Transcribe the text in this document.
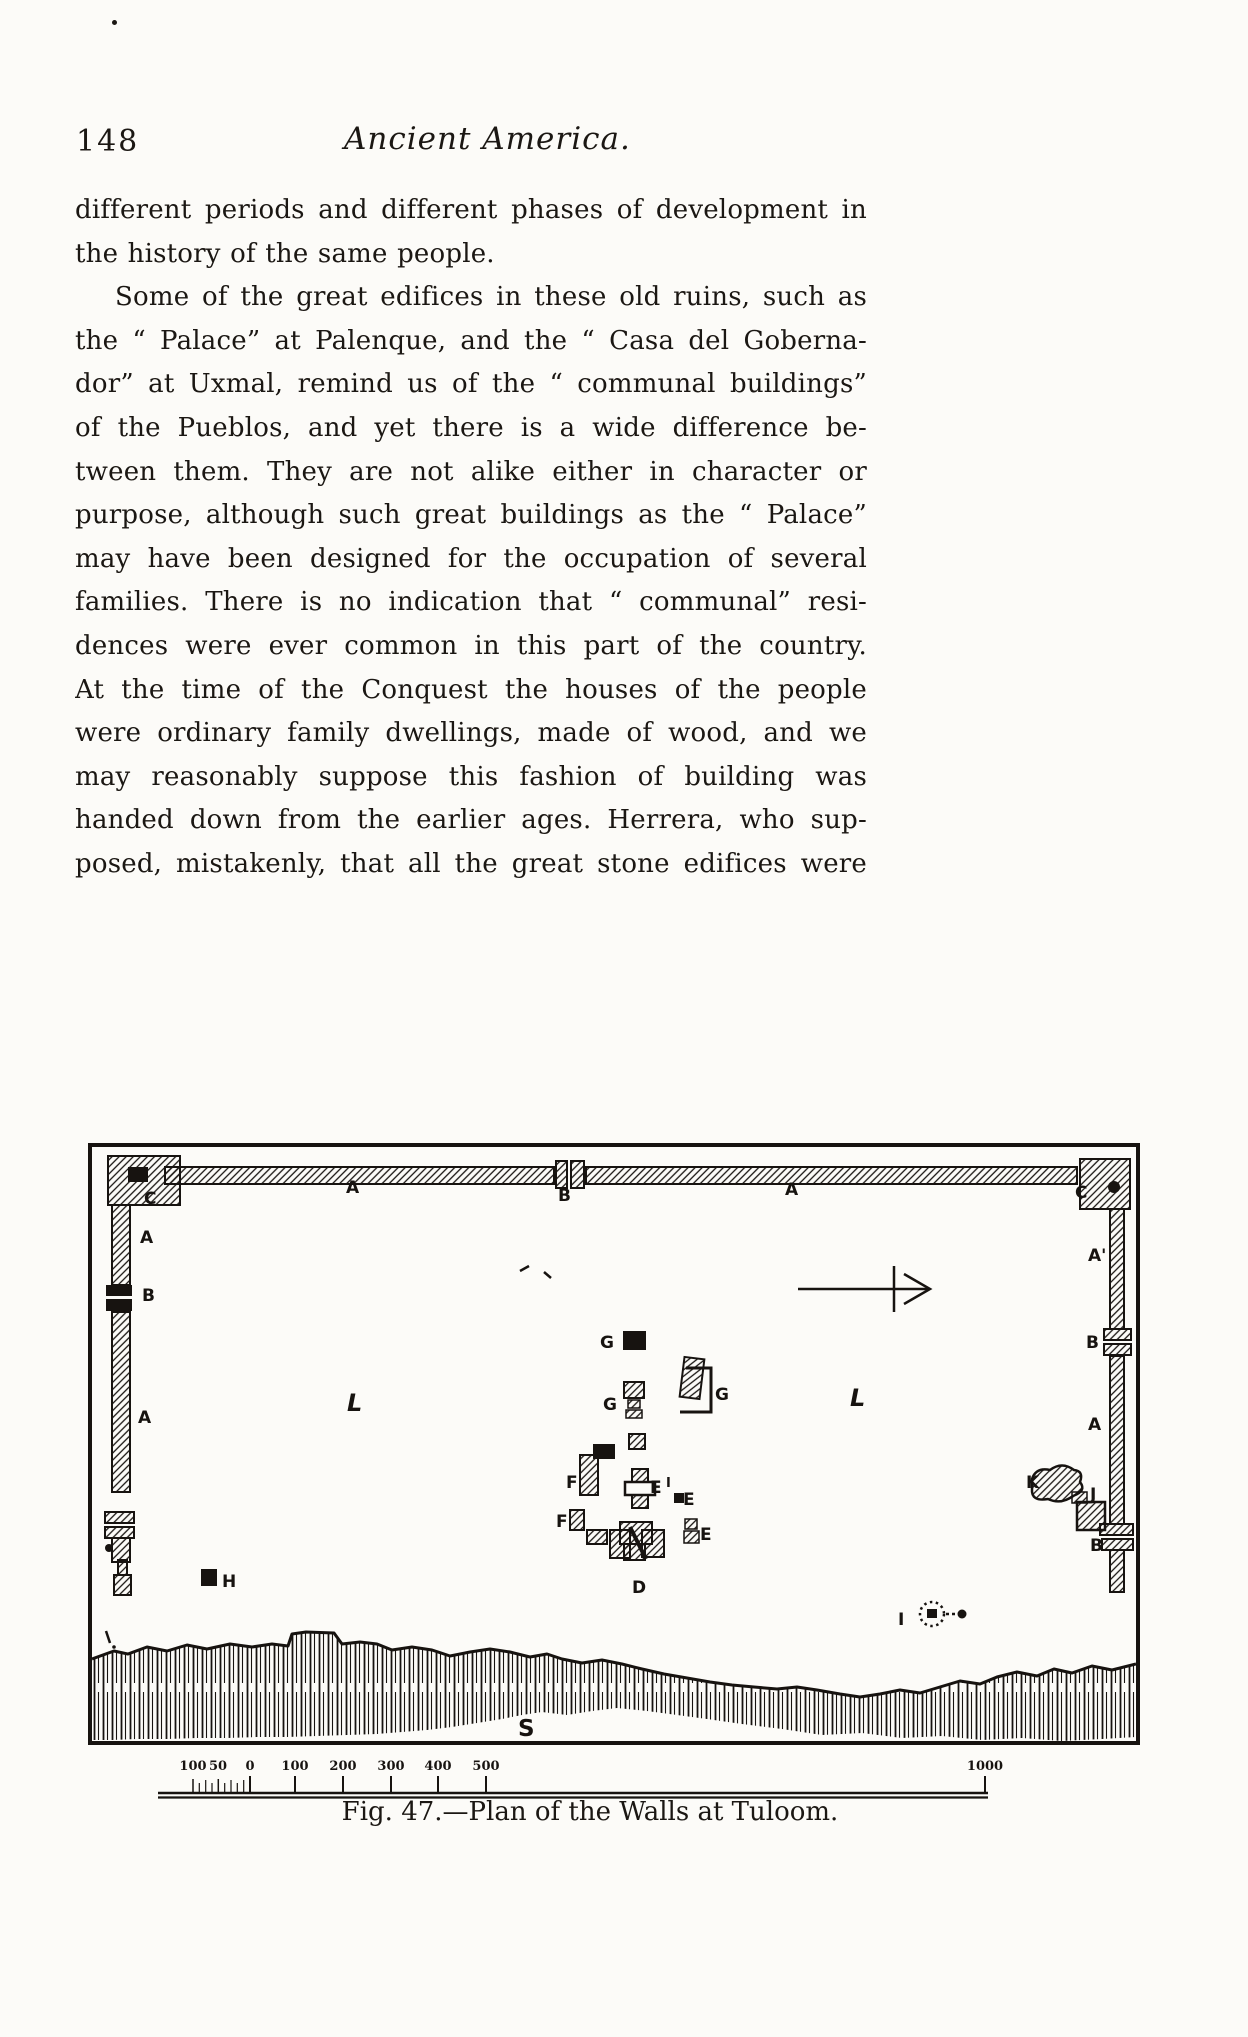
148	Ancient America.
different periods and different phases of development in
the history of the same people.
Some of the great edifices in these old ruins, such as
the “ Palace” at Palenque, and the “ Casa del Goberna-
dor” at Uxmal, remind us of the “ communal buildings”
of the Pueblos, and yet there is a wide difference be-
tween them. They are not alike either in character or
purpose, although such great buildings as the “ Palace”
may have been designed for the occupation of several
families. There is no indication that “ communal” resi-
dences were ever common in this part of the country.
At the time of the Conquest the houses of the people
were ordinary family dwellings, made of wood, and we
may reasonably suppose this fashion of building was
handed down from the earlier ages. Herrera, who sup-
posed, mistakenly, that all the great stone edifices were
C
A	B	A	C
A
A'
B
B
L	L
A	A
G
G	G
F	E I
E
F
E
D
H
K
J
B
I
S
100 50 0 100 200 300 400 500	1000
Fig. 47.—Plan of the Walls at Tuloom.
